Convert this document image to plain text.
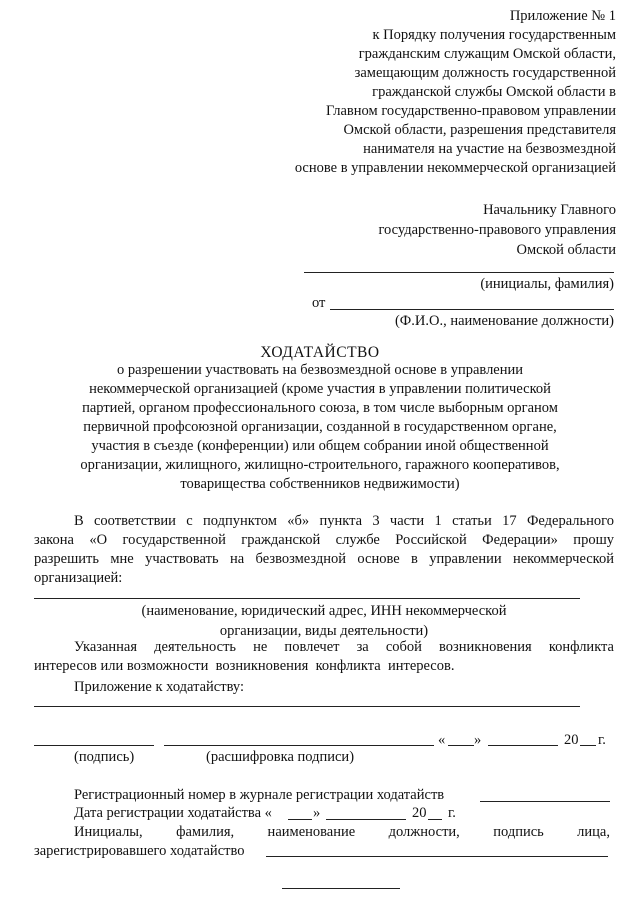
Приложение № 1
к Порядку получения государственным
гражданским служащим Омской области,
замещающим должность государственной
гражданской службы Омской области в
Главном государственно-правовом управлении
Омской области, разрешения представителя
нанимателя на участие на безвозмездной
основе в управлении некоммерческой организацией
Начальнику Главного
государственно-правового управления
Омской области
(инициалы, фамилия)
от
(Ф.И.О., наименование должности)
ХОДАТАЙСТВО
о разрешении участвовать на безвозмездной основе в управлении
некоммерческой организацией (кроме участия в управлении политической
партией, органом профессионального союза, в том числе выборным органом
первичной профсоюзной организации, созданной в государственном органе,
участия в съезде (конференции) или общем собрании иной общественной
организации, жилищного, жилищно-строительного, гаражного кооперативов,
товарищества собственников недвижимости)
В соответствии с подпунктом «б» пункта 3 части 1 статьи 17 Федерального
закона «О государственной гражданской службе Российской Федерации» прошу
разрешить мне участвовать на безвозмездной основе в управлении некоммерческой
организацией:
(наименование, юридический адрес, ИНН некоммерческой
организации, виды деятельности)
Указанная деятельность не повлечет за собой возникновения конфликта
интересов или возможности  возникновения  конфликта  интересов.
Приложение к ходатайству:
« »	20 г.
(подпись)	(расшифровка подписи)
Регистрационный номер в журнале регистрации ходатайств
Дата регистрации ходатайства «	»	20 г.
Инициалы, фамилия, наименование должности, подпись лица,
зарегистрировавшего ходатайство
